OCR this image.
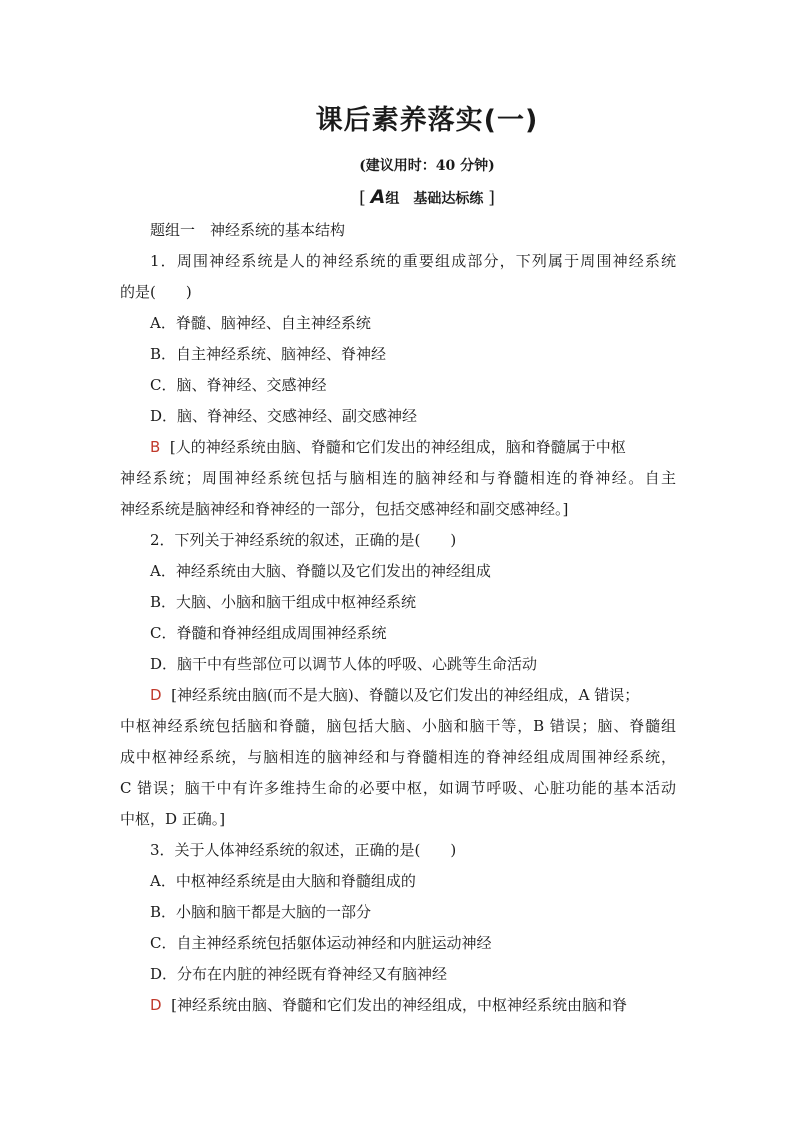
课后素养落实(一)
(建议用时：40 分钟)
[ A组　基础达标练 ]
题组一　神经系统的基本结构
1．周围神经系统是人的神经系统的重要组成部分，下列属于周围神经系统
的是(　　)
A．脊髓、脑神经、自主神经系统
B．自主神经系统、脑神经、脊神经
C．脑、脊神经、交感神经
D．脑、脊神经、交感神经、副交感神经
B [人的神经系统由脑、脊髓和它们发出的神经组成，脑和脊髓属于中枢
神经系统；周围神经系统包括与脑相连的脑神经和与脊髓相连的脊神经。自主
神经系统是脑神经和脊神经的一部分，包括交感神经和副交感神经。]
2．下列关于神经系统的叙述，正确的是(　　)
A．神经系统由大脑、脊髓以及它们发出的神经组成
B．大脑、小脑和脑干组成中枢神经系统
C．脊髓和脊神经组成周围神经系统
D．脑干中有些部位可以调节人体的呼吸、心跳等生命活动
D [神经系统由脑(而不是大脑)、脊髓以及它们发出的神经组成，A 错误；
中枢神经系统包括脑和脊髓，脑包括大脑、小脑和脑干等，B 错误；脑、脊髓组
成中枢神经系统，与脑相连的脑神经和与脊髓相连的脊神经组成周围神经系统，
C 错误；脑干中有许多维持生命的必要中枢，如调节呼吸、心脏功能的基本活动
中枢，D 正确。]
3．关于人体神经系统的叙述，正确的是(　　)
A．中枢神经系统是由大脑和脊髓组成的
B．小脑和脑干都是大脑的一部分
C．自主神经系统包括躯体运动神经和内脏运动神经
D．分布在内脏的神经既有脊神经又有脑神经
D [神经系统由脑、脊髓和它们发出的神经组成，中枢神经系统由脑和脊
